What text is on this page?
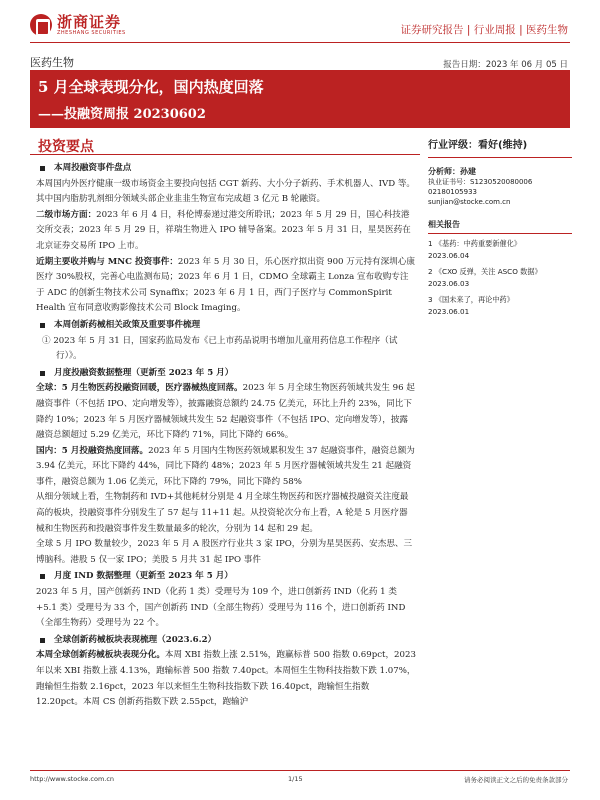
浙商证券
ZHESHANG SECURITIES	证券研究报告 | 行业周报 | 医药生物
医药生物	报告日期：2023 年 06 月 05 日
5 月全球表现分化，国内热度回落
——投融资周报 20230602
投资要点

本周投融资事件盘点

本周国内外医疗健康一级市场资金主要投向包括 CGT 新药、大小分子新药、手术机器人、IVD 等。其中国内脂肪乳剂细分领域头部企业韭韭生物宣布完成超 3 亿元 B 轮融资。

二级市场方面：2023 年 6 月 4 日，科伦博泰递过港交所聆讯；2023 年 5 月 29 日，国心科技港交所交表；2023 年 5 月 29 日，祥瑞生物进入 IPO 辅导备案。2023 年 5 月 31 日，星昊医药在北京证券交易所 IPO 上市。

近期主要收并购与 MNC 投资事件：2023 年 5 月 30 日，乐心医疗拟出资 900 万元持有深圳心康医疗 30%股权，完善心电监测布局；2023 年 6 月 1 日，CDMO 全球霸主 Lonza 宣布收购专注于 ADC 的创新生物技术公司 Synaffix；2023 年 6 月 1 日，西门子医疗与 CommonSpirit Health 宣布同意收购影像技术公司 Block Imaging。

本周创新药械相关政策及重要事件梳理

① 2023 年 5 月 31 日，国家药监局发布《已上市药品说明书增加儿童用药信息工作程序（试行）》。

月度投融资数据整理（更新至 2023 年 5 月）

全球：5 月生物医药投融资回暖，医疗器械热度回落。2023 年 5 月全球生物医药领域共发生 96 起融资事件（不包括 IPO、定向增发等），披露融资总额约 24.75 亿美元，环比上升约 23%，同比下降约 10%；2023 年 5 月医疗器械领域共发生 52 起融资事件（不包括 IPO、定向增发等），披露融资总额超过 5.29 亿美元，环比下降约 71%，同比下降约 66%。

国内：5 月投融资热度回落。2023 年 5 月国内生物医药领域累积发生 37 起融资事件，融资总额为 3.94 亿美元，环比下降约 44%，同比下降约 48%；2023 年 5 月医疗器械领域共发生 21 起融资事件，融资总额为 1.06 亿美元，环比下降约 79%，同比下降约 58%

从细分领域上看，生物制药和 IVD+其他耗材分别是 4 月全球生物医药和医疗器械投融资关注度最高的板块，投融资事件分别发生了 57 起与 11+11 起。从投资轮次分布上看，A 轮是 5 月医疗器械和生物医药和投融资事件发生数量最多的轮次，分别为 14 起和 29 起。

全球 5 月 IPO 数量较少，2023 年 5 月 A 股医疗行业共 3 家 IPO，分别为星昊医药、安杰思、三博脑科。港股 5 仅一家 IPO；美股 5 月共 31 起 IPO 事件

月度 IND 数据整理（更新至 2023 年 5 月）

2023 年 5 月，国产创新药 IND（化药 1 类）受理号为 109 个，进口创新药 IND（化药 1 类+5.1 类）受理号为 33 个，国产创新药 IND（全部生物药）受理号为 116 个，进口创新药 IND（全部生物药）受理号为 22 个。

全球创新药械板块表现梳理（2023.6.2）

本周全球创新药械板块表现分化。本周 XBI 指数上涨 2.51%，跑赢标普 500 指数 0.69pct，2023 年以来 XBI 指数上涨 4.13%，跑输标普 500 指数 7.40pct。本周恒生生物科技指数下跌 1.07%，跑输恒生指数 2.16pct，2023 年以来恒生生物科技指数下跌 16.40pct，跑输恒生指数 12.20pct。本周 CS 创新药指数下跌 2.55pct，跑输沪

行业评级：看好(维持)
分析师：孙建
执业证书号：S1230520080006
02180105933
sunjian@stocke.com.cn
相关报告
1 《基药：中药重要新催化》
2023.06.04
2 《CXO 反弹，关注 ASCO 数据》
2023.06.03
3 《国未来了，再论中药》
2023.06.01
http://www.stocke.com.cn	1/15	请务必阅读正文之后的免责条款部分
